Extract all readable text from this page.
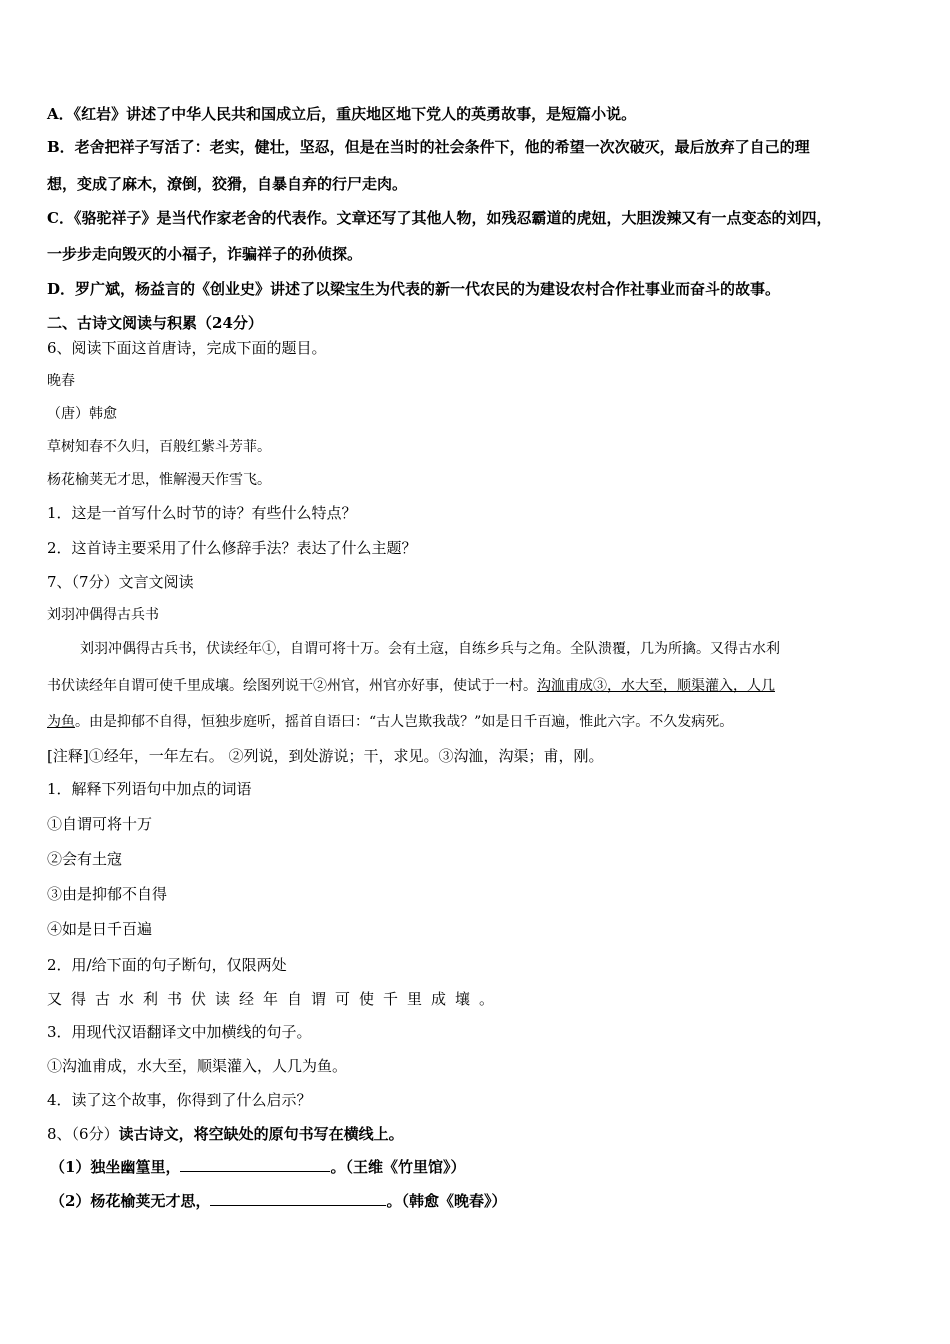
A．《红岩》讲述了中华人民共和国成立后，重庆地区地下党人的英勇故事，是短篇小说。
B．老舍把祥子写活了：老实，健壮，坚忍，但是在当时的社会条件下，他的希望一次次破灭，最后放弃了自己的理
想，变成了麻木，潦倒，狡猾，自暴自弃的行尸走肉。
C．《骆驼祥子》是当代作家老舍的代表作。文章还写了其他人物，如残忍霸道的虎妞，大胆泼辣又有一点变态的刘四，
一步步走向毁灭的小福子，诈骗祥子的孙侦探。
D．罗广斌，杨益言的《创业史》讲述了以梁宝生为代表的新一代农民的为建设农村合作社事业而奋斗的故事。
二、古诗文阅读与积累（24分）
6、阅读下面这首唐诗，完成下面的题目。
晚春
（唐）韩愈
草树知春不久归，百般红紫斗芳菲。
杨花榆荚无才思，惟解漫天作雪飞。
1．这是一首写什么时节的诗？有些什么特点？
2．这首诗主要采用了什么修辞手法？表达了什么主题？
7、（7分）文言文阅读
刘羽冲偶得古兵书
刘羽冲偶得古兵书，伏读经年①，自谓可将十万。会有土寇，自练乡兵与之角。全队溃覆，几为所擒。又得古水利
书伏读经年自谓可使千里成壤。绘图列说干②州官，州官亦好事，使试于一村。沟洫甫成③，水大至，顺渠灌入，人几
为鱼。由是抑郁不自得，恒独步庭听，摇首自语曰：“古人岂欺我哉？”如是日千百遍，惟此六字。不久发病死。
[注释]①经年，一年左右。 ②列说，到处游说；干，求见。③沟洫，沟渠；甫，刚。
1．解释下列语句中加点的词语
①自谓可将十万
②会有土寇
③由是抑郁不自得
④如是日千百遍
2．用/给下面的句子断句，仅限两处
又得古水利书伏读经年自谓可使千里成壤。
3．用现代汉语翻译文中加横线的句子。
①沟洫甫成，水大至，顺渠灌入，人几为鱼。
4．读了这个故事，你得到了什么启示？
8、（6分）读古诗文，将空缺处的原句书写在横线上。
（1）独坐幽篁里，	。（王维《竹里馆》）
（2）杨花榆荚无才思，	。（韩愈《晚春》）
